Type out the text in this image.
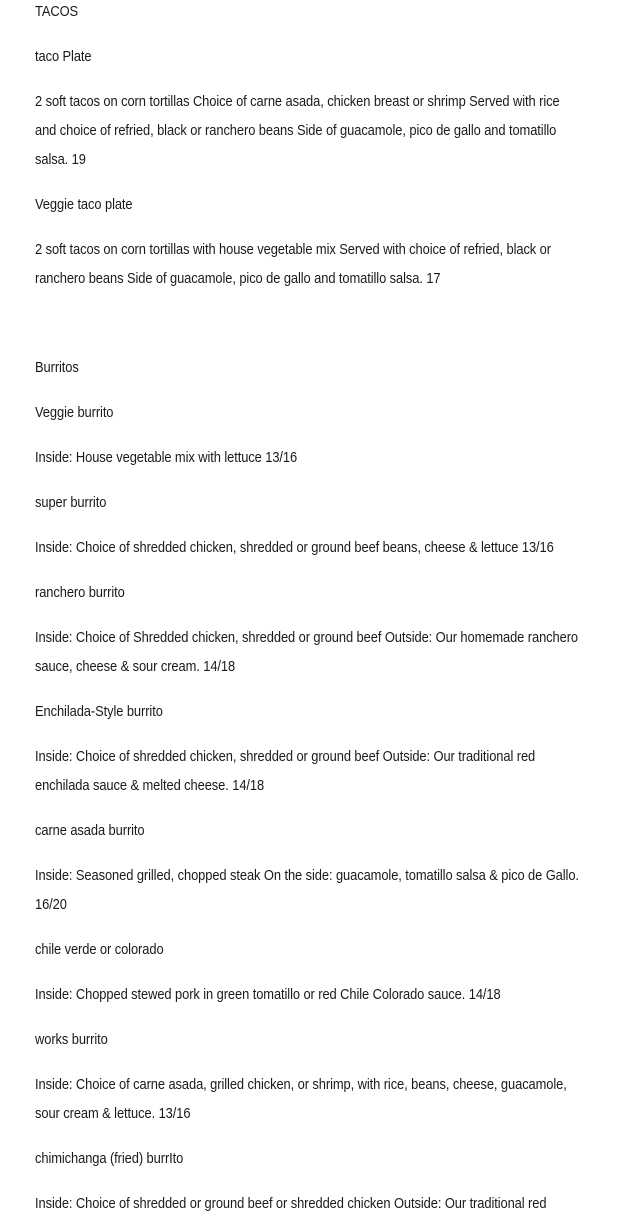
TACOS

taco Plate

2 soft tacos on corn tortillas Choice of carne asada, chicken breast or shrimp Served with rice

and choice of refried, black or ranchero beans Side of guacamole, pico de gallo and tomatillo

salsa. 19

Veggie taco plate

2 soft tacos on corn tortillas with house vegetable mix Served with choice of refried, black or

ranchero beans Side of guacamole, pico de gallo and tomatillo salsa. 17

Burritos

Veggie burrito

Inside: House vegetable mix with lettuce 13/16

super burrito

Inside: Choice of shredded chicken, shredded or ground beef beans, cheese & lettuce 13/16

ranchero burrito

Inside: Choice of Shredded chicken, shredded or ground beef Outside: Our homemade ranchero

sauce, cheese & sour cream. 14/18

Enchilada-Style burrito

Inside: Choice of shredded chicken, shredded or ground beef Outside: Our traditional red

enchilada sauce & melted cheese. 14/18

carne asada burrito

Inside: Seasoned grilled, chopped steak On the side: guacamole, tomatillo salsa & pico de Gallo.

16/20

chile verde or colorado

Inside: Chopped stewed pork in green tomatillo or red Chile Colorado sauce. 14/18

works burrito

Inside: Choice of carne asada, grilled chicken, or shrimp, with rice, beans, cheese, guacamole,

sour cream & lettuce. 13/16

chimichanga (fried) burrIto

Inside: Choice of shredded or ground beef or shredded chicken Outside: Our traditional red
